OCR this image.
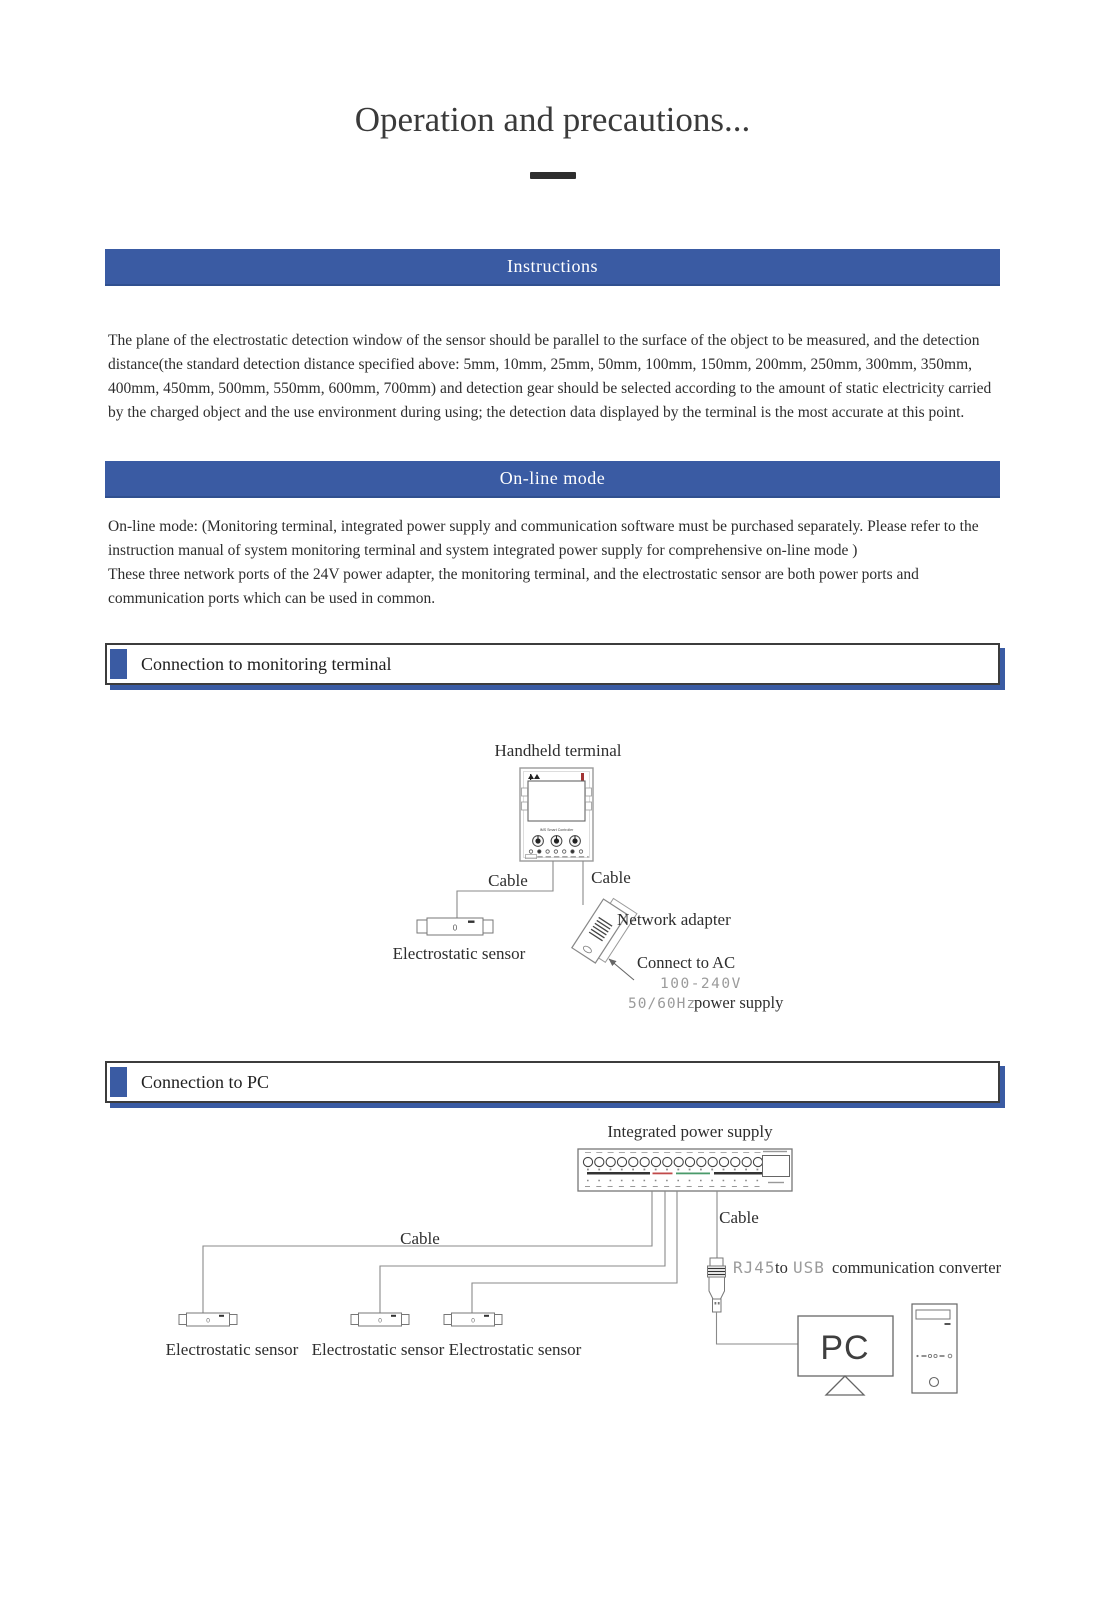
Operation and precautions...
Instructions

The plane of the electrostatic detection window of the sensor should be parallel to the surface of the object to be measured, and the detection distance(the standard detection distance specified above: 5mm, 10mm, 25mm, 50mm, 100mm, 150mm, 200mm, 250mm, 300mm, 350mm, 400mm, 450mm, 500mm, 550mm, 600mm, 700mm) and detection gear should be selected according to the amount of static electricity carried by the charged object and the use environment during using; the detection data displayed by the terminal is the most accurate at this point.

On-line mode

On-line mode: (Monitoring terminal, integrated power supply and communication software must be purchased separately. Please refer to the instruction manual of system monitoring terminal and system integrated power supply for comprehensive on-line mode )

These three network ports of the 24V power adapter, the monitoring terminal, and the electrostatic sensor are both power ports and communication ports which can be used in common.

Connection to monitoring terminal
Handheld terminal
IMS Smart Controller
Cable	Cable
0
Electrostatic sensor
Network adapter
Connect to AC
100-240V
50/60Hz
power supply
Connection to PC
Integrated power supply
Cable
Cable
0	0	0
Electrostatic sensor Electrostatic sensor Electrostatic sensor
RJ45 to USB communication converter
PC
